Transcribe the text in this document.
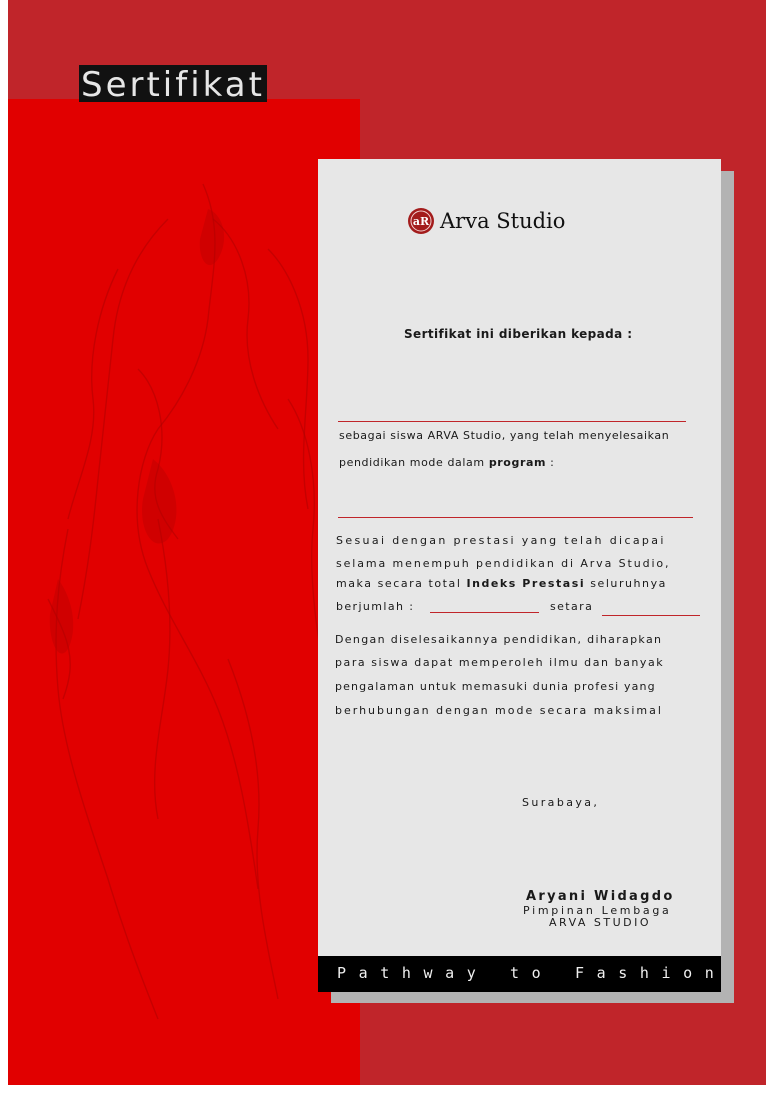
Sertifikat
aR Arva Studio
Sertifikat ini diberikan kepada :
sebagai siswa ARVA Studio, yang telah menyelesaikan
pendidikan mode dalam program :
Sesuai dengan prestasi yang telah dicapai
selama menempuh pendidikan di Arva Studio,
maka secara total Indeks Prestasi seluruhnya
berjumlah :	setara
Dengan diselesaikannya pendidikan, diharapkan
para siswa dapat memperoleh ilmu dan banyak
pengalaman untuk memasuki dunia profesi yang
berhubungan dengan mode secara maksimal
Surabaya,
Aryani Widagdo
Pimpinan Lembaga
ARVA STUDIO
Pathway to Fashion
